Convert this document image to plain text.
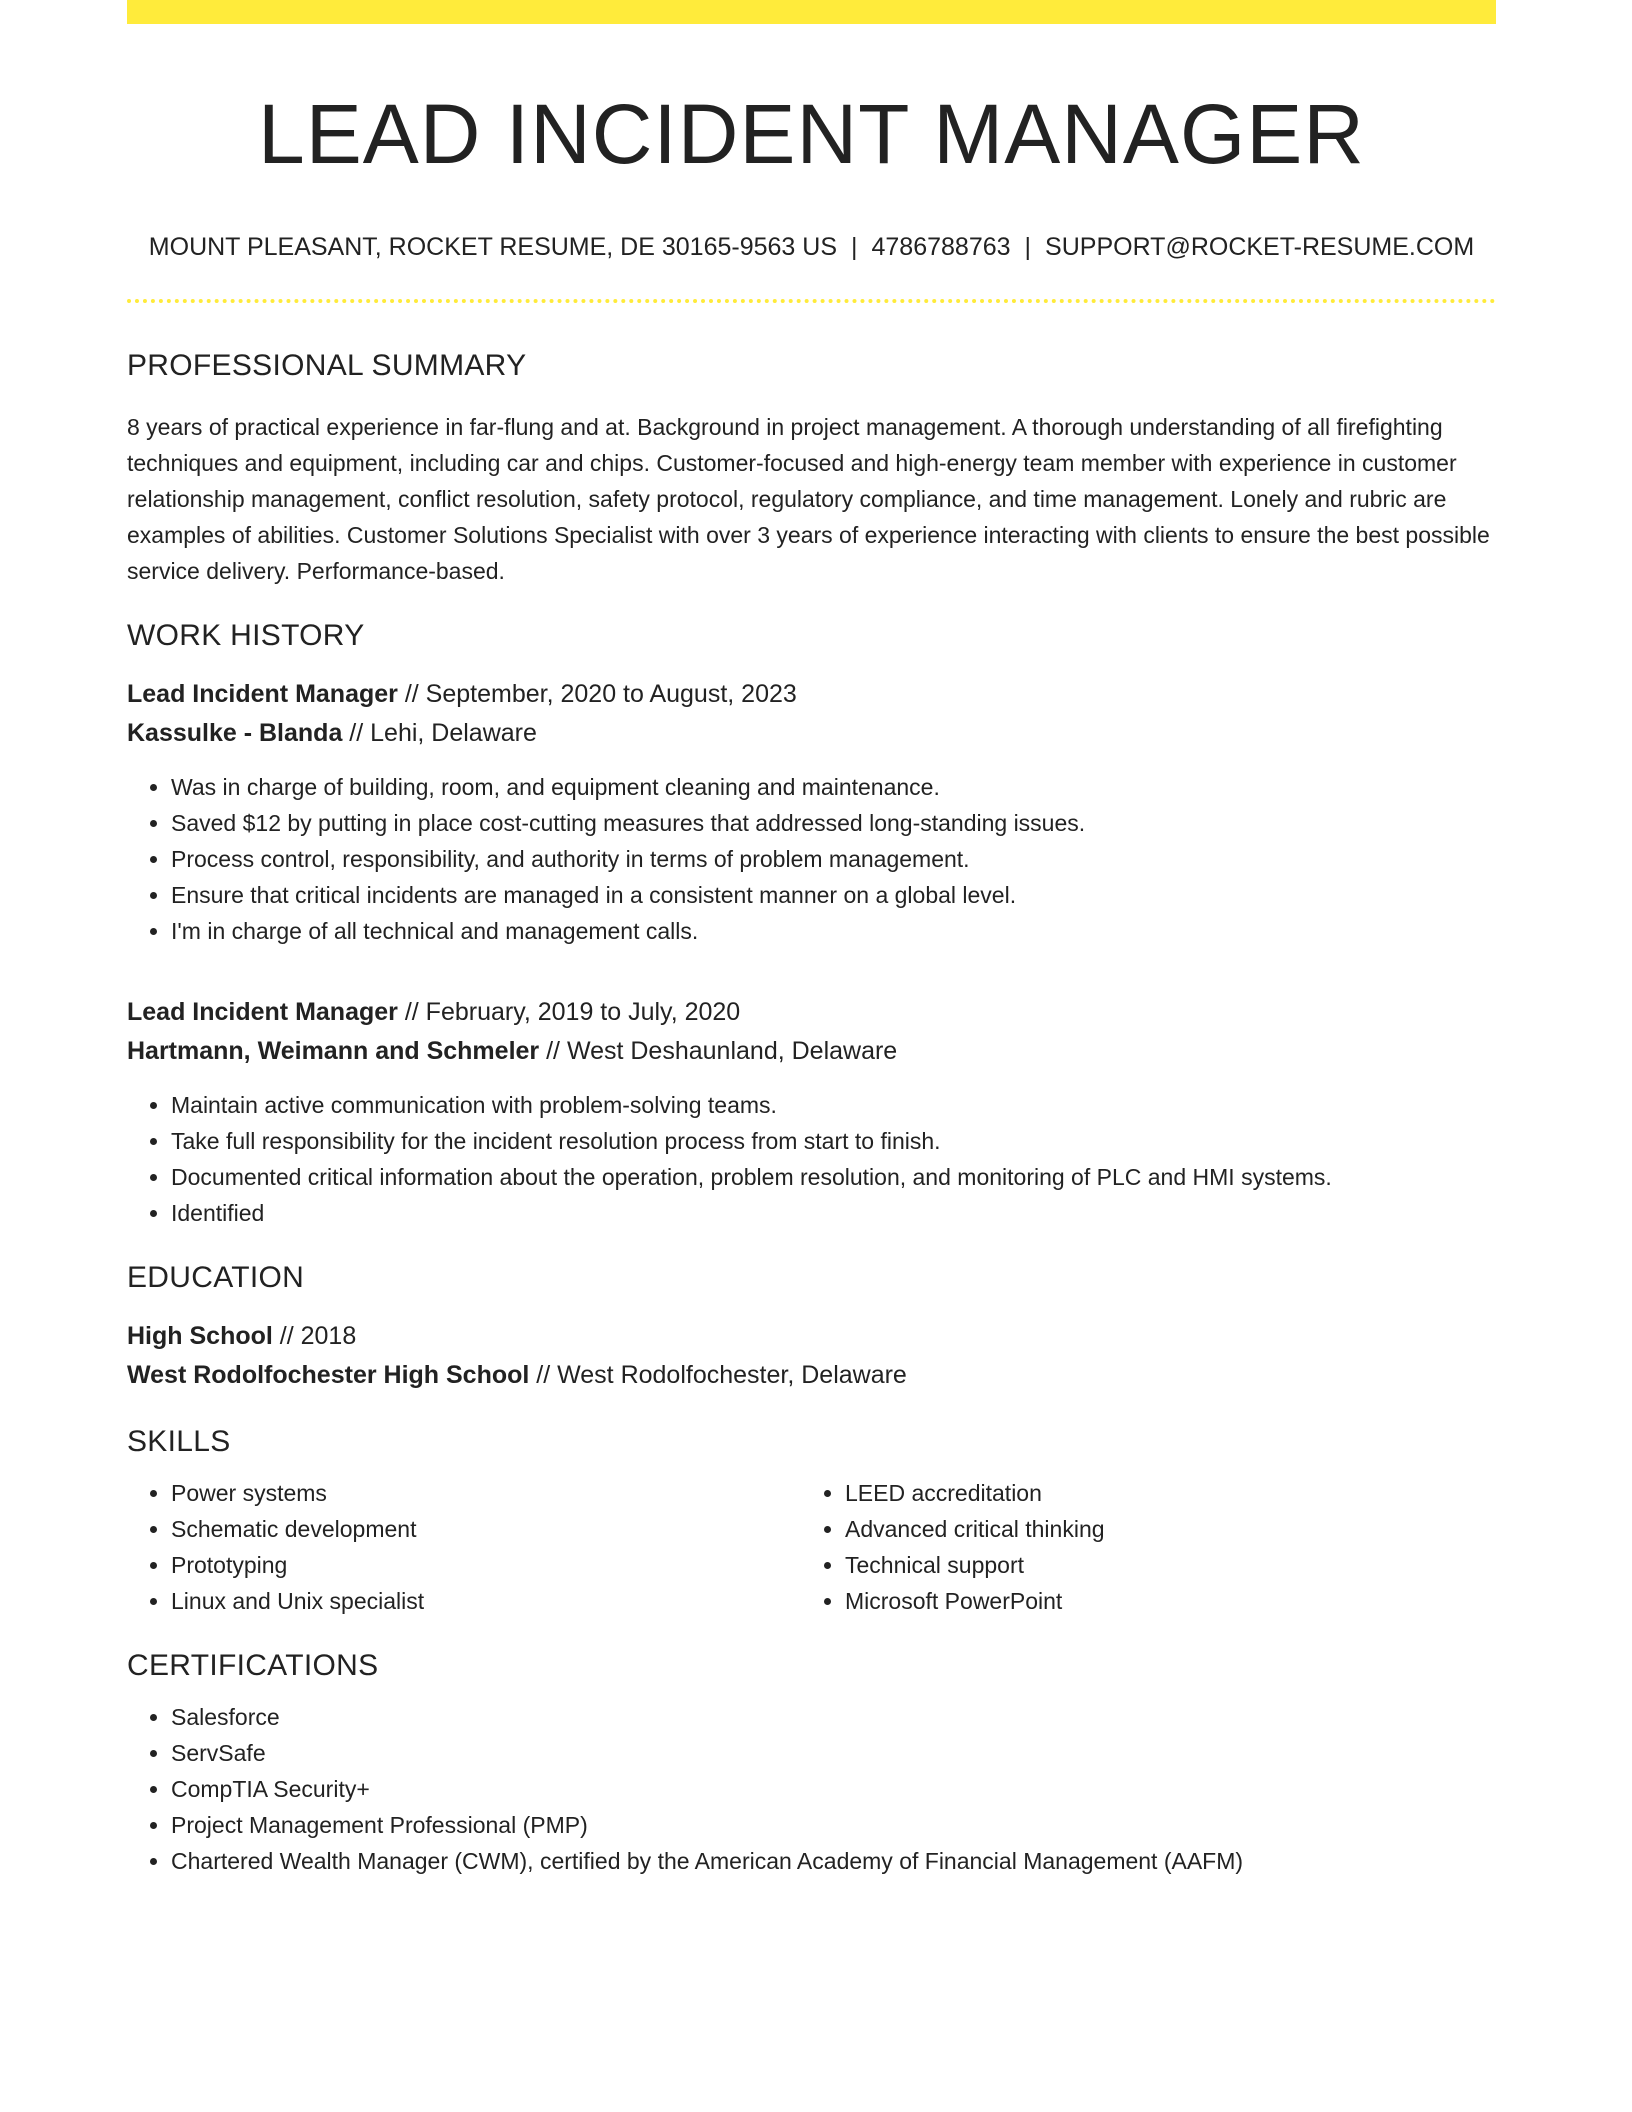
LEAD INCIDENT MANAGER
MOUNT PLEASANT, ROCKET RESUME, DE 30165-9563 US | 4786788763 | SUPPORT@ROCKET-RESUME.COM
PROFESSIONAL SUMMARY

8 years of practical experience in far-flung and at. Background in project management. A thorough understanding of all firefighting techniques and equipment, including car and chips. Customer-focused and high-energy team member with experience in customer relationship management, conflict resolution, safety protocol, regulatory compliance, and time management. Lonely and rubric are examples of abilities. Customer Solutions Specialist with over 3 years of experience interacting with clients to ensure the best possible service delivery. Performance-based.

WORK HISTORY
Lead Incident Manager // September, 2020 to August, 2023
Kassulke - Blanda // Lehi, Delaware
• Was in charge of building, room, and equipment cleaning and maintenance.
• Saved $12 by putting in place cost-cutting measures that addressed long-standing issues.
• Process control, responsibility, and authority in terms of problem management.
• Ensure that critical incidents are managed in a consistent manner on a global level.
• I'm in charge of all technical and management calls.
Lead Incident Manager // February, 2019 to July, 2020
Hartmann, Weimann and Schmeler // West Deshaunland, Delaware
• Maintain active communication with problem-solving teams.
• Take full responsibility for the incident resolution process from start to finish.
• Documented critical information about the operation, problem resolution, and monitoring of PLC and HMI systems.
• Identified
EDUCATION
High School // 2018
West Rodolfochester High School // West Rodolfochester, Delaware
SKILLS
• Power systems
• Schematic development
• Prototyping
• Linux and Unix specialist
• LEED accreditation
• Advanced critical thinking
• Technical support
• Microsoft PowerPoint
CERTIFICATIONS
• Salesforce
• ServSafe
• CompTIA Security+
• Project Management Professional (PMP)
• Chartered Wealth Manager (CWM), certified by the American Academy of Financial Management (AAFM)
